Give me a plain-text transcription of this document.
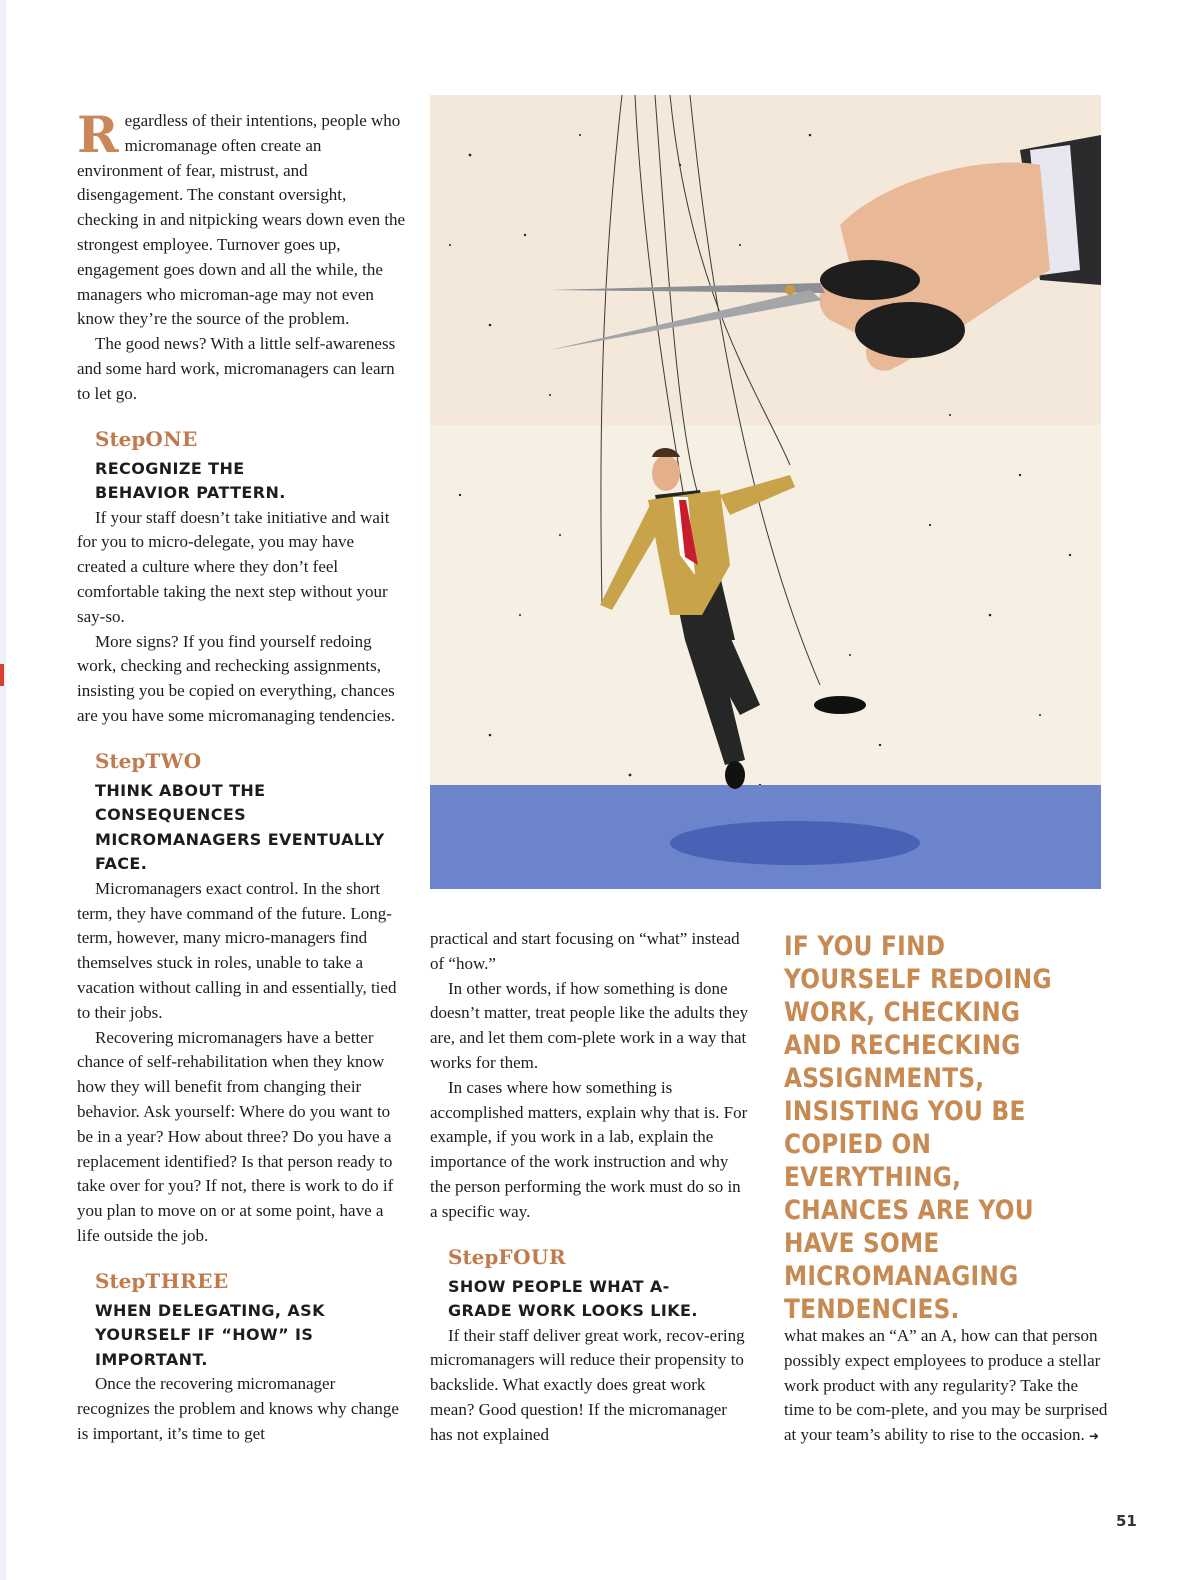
Regardless of their intentions, people who micromanage often create an environment of fear, mistrust, and disengagement. The constant oversight, checking in and nitpicking wears down even the strongest employee. Turnover goes up, engagement goes down and all the while, the managers who microman-age may not even know they’re the source of the problem.

The good news? With a little self-awareness and some hard work, micromanagers can learn to let go.

StepONE
RECOGNIZE THE BEHAVIOR PATTERN.

If your staff doesn’t take initiative and wait for you to micro-delegate, you may have created a culture where they don’t feel comfortable taking the next step without your say-so.

More signs? If you find yourself redoing work, checking and rechecking assignments, insisting you be copied on everything, chances are you have some micromanaging tendencies.

StepTWO
THINK ABOUT THE CONSEQUENCES MICROMANAGERS EVENTUALLY FACE.

Micromanagers exact control. In the short term, they have command of the future. Long-term, however, many micro-managers find themselves stuck in roles, unable to take a vacation without calling in and essentially, tied to their jobs.

Recovering micromanagers have a better chance of self-rehabilitation when they know how they will benefit from changing their behavior. Ask yourself: Where do you want to be in a year? How about three? Do you have a replacement identified? Is that person ready to take over for you? If not, there is work to do if you plan to move on or at some point, have a life outside the job.

StepTHREE
WHEN DELEGATING, ASK YOURSELF IF “HOW” IS IMPORTANT.

Once the recovering micromanager recognizes the problem and knows why change is important, it’s time to get

practical and start focusing on “what” instead of “how.”

In other words, if how something is done doesn’t matter, treat people like the adults they are, and let them com-plete work in a way that works for them.

In cases where how something is accomplished matters, explain why that is. For example, if you work in a lab, explain the importance of the work instruction and why the person performing the work must do so in a specific way.

StepFOUR
SHOW PEOPLE WHAT A-GRADE WORK LOOKS LIKE.

If their staff deliver great work, recov-ering micromanagers will reduce their propensity to backslide. What exactly does great work mean? Good question! If the micromanager has not explained

IF YOU FIND YOURSELF REDOING WORK, CHECKING AND RECHECKING ASSIGNMENTS, INSISTING YOU BE COPIED ON EVERYTHING, CHANCES ARE YOU HAVE SOME MICROMANAGING TENDENCIES.

what makes an “A” an A, how can that person possibly expect employees to produce a stellar work product with any regularity? Take the time to be com-plete, and you may be surprised at your team’s ability to rise to the occasion. ➜

51
